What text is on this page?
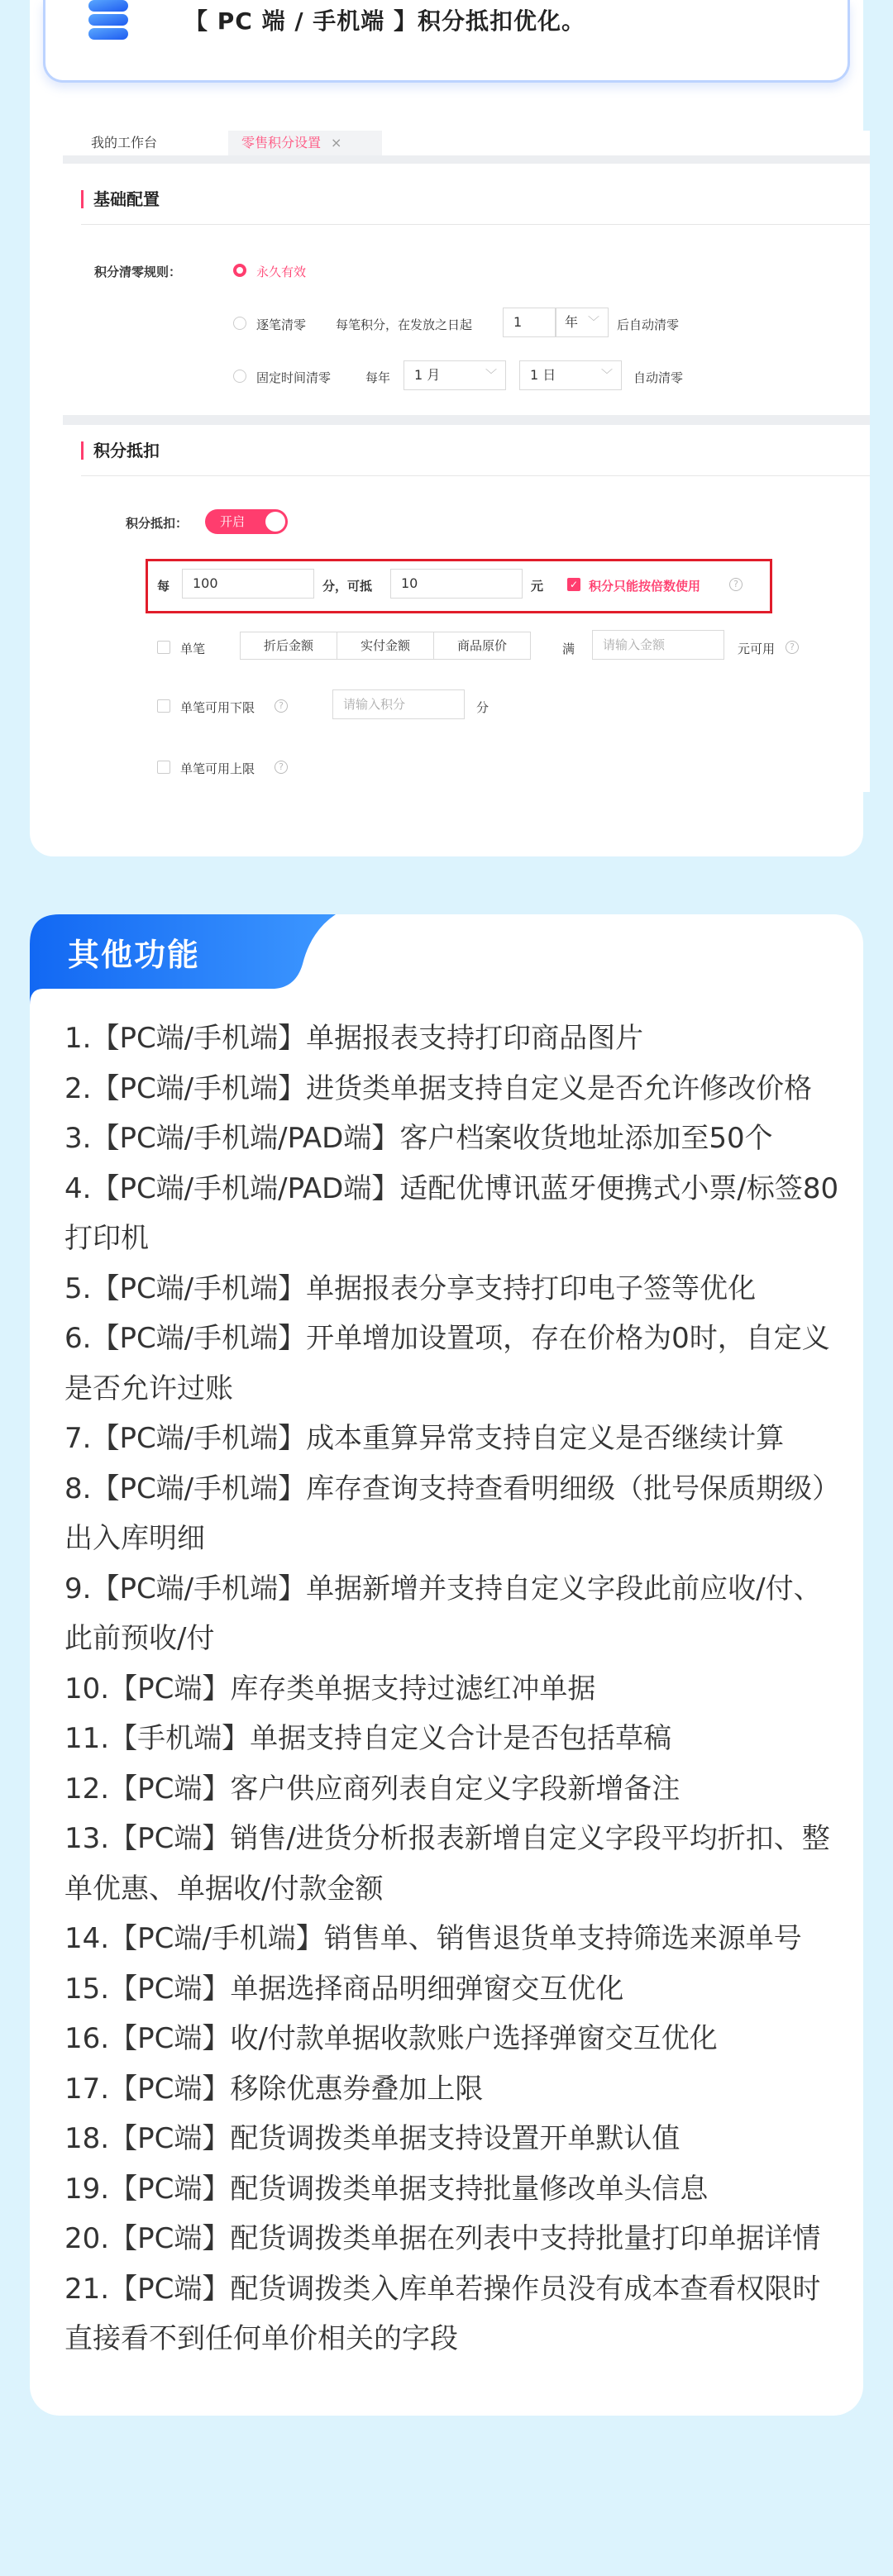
【 PC 端 / 手机端 】积分抵扣优化。
我的工作台	零售积分设置 ×
基础配置
积分清零规则：	永久有效
逐笔清零 每笔积分，在发放之日起	1	年 ﹀ 后自动清零
固定时间清零	每年	1 月	﹀	1 日	﹀ 自动清零
积分抵扣
积分抵扣：	开启
每	100	分，可抵	10	元	✓ 积分只能按倍数使用	?
单笔	折后金额	实付金额	商品原价	满	请输入金额	元可用	?
单笔可用下限	?	请输入积分	分
单笔可用上限	?
其他功能
1.【PC端/手机端】单据报表支持打印商品图片
2.【PC端/手机端】进货类单据支持自定义是否允许修改价格
3.【PC端/手机端/PAD端】客户档案收货地址添加至50个
4.【PC端/手机端/PAD端】适配优博讯蓝牙便携式小票/标签80打印机
5.【PC端/手机端】单据报表分享支持打印电子签等优化
6.【PC端/手机端】开单增加设置项，存在价格为0时，自定义是否允许过账
7.【PC端/手机端】成本重算异常支持自定义是否继续计算
8.【PC端/手机端】库存查询支持查看明细级（批号保质期级）出入库明细
9.【PC端/手机端】单据新增并支持自定义字段此前应收/付、此前预收/付
10.【PC端】库存类单据支持过滤红冲单据
11.【手机端】单据支持自定义合计是否包括草稿
12.【PC端】客户供应商列表自定义字段新增备注
13.【PC端】销售/进货分析报表新增自定义字段平均折扣、整单优惠、单据收/付款金额
14.【PC端/手机端】销售单、销售退货单支持筛选来源单号
15.【PC端】单据选择商品明细弹窗交互优化
16.【PC端】收/付款单据收款账户选择弹窗交互优化
17.【PC端】移除优惠券叠加上限
18.【PC端】配货调拨类单据支持设置开单默认值
19.【PC端】配货调拨类单据支持批量修改单头信息
20.【PC端】配货调拨类单据在列表中支持批量打印单据详情
21.【PC端】配货调拨类入库单若操作员没有成本查看权限时直接看不到任何单价相关的字段
